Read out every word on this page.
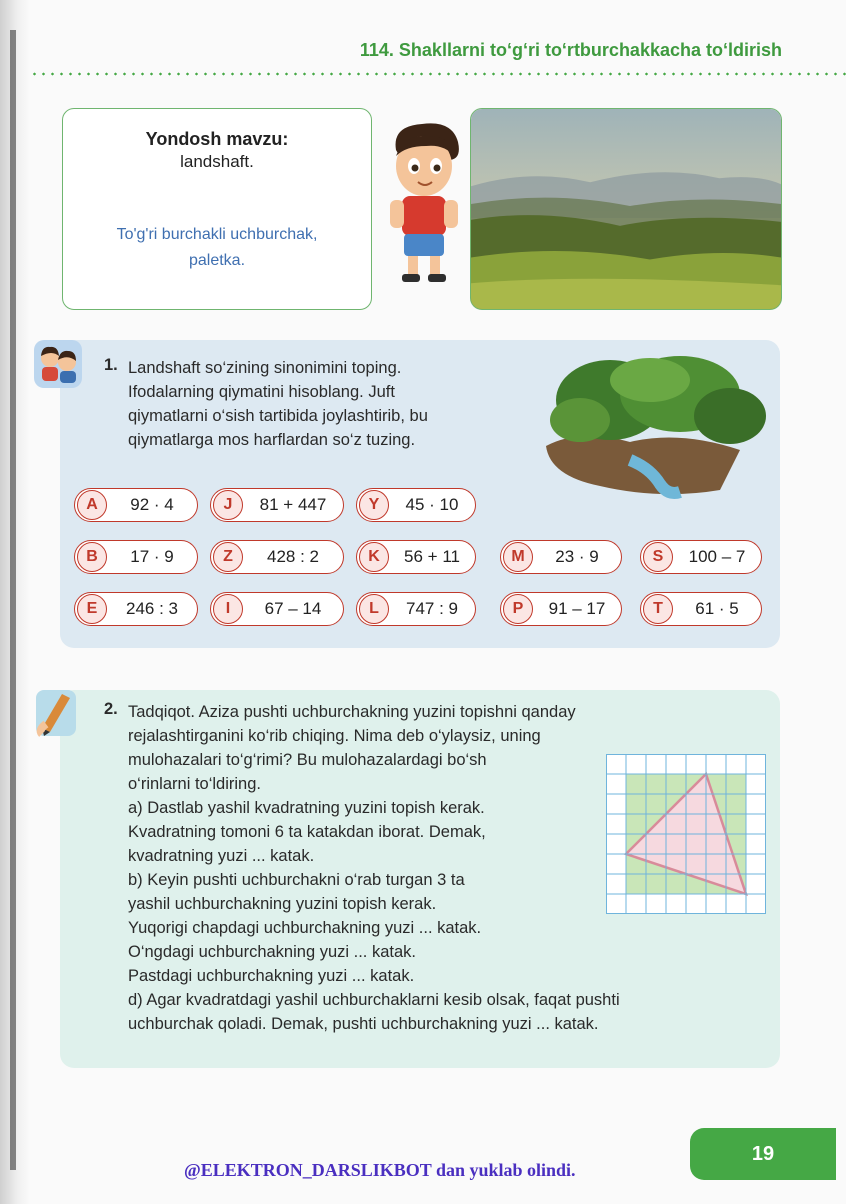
114. Shakllarni to‘g‘ri to‘rtburchakkacha to‘ldirish
Yondosh mavzu:
landshaft.
To'g'ri burchakli uchburchak,
paletka.
1. Landshaft so‘zining sinonimini toping.
Ifodalarning qiymatini hisoblang. Juft
qiymatlarni o‘sish tartibida joylashtirib, bu
qiymatlarga mos harflardan so‘z tuzing.
A	92 · 4	J	81 + 447	Y	45 · 10
B	17 · 9	Z	428 : 2	K	56 + 11	M	23 · 9	S	100 – 7
E	246 : 3	I	67 – 14	L	747 : 9	P	91 – 17	T	61 · 5
2. Tadqiqot. Aziza pushti uchburchakning yuzini topishni qanday
rejalashtirganini ko‘rib chiqing. Nima deb o‘ylaysiz, uning
mulohazalari to‘g‘rimi? Bu mulohazalardagi bo‘sh
o‘rinlarni to‘ldiring.
a) Dastlab yashil kvadratning yuzini topish kerak.
Kvadratning tomoni 6 ta katakdan iborat. Demak,
kvadratning yuzi ... katak.
b) Keyin pushti uchburchakni o‘rab turgan 3 ta
yashil uchburchakning yuzini topish kerak.
Yuqorigi chapdagi uchburchakning yuzi ... katak.
O‘ngdagi uchburchakning yuzi ... katak.
Pastdagi uchburchakning yuzi ... katak.
d) Agar kvadratdagi yashil uchburchaklarni kesib olsak, faqat pushti
uchburchak qoladi. Demak, pushti uchburchakning yuzi ... katak.
19
@ELEKTRON_DARSLIKBOT dan yuklab olindi.
